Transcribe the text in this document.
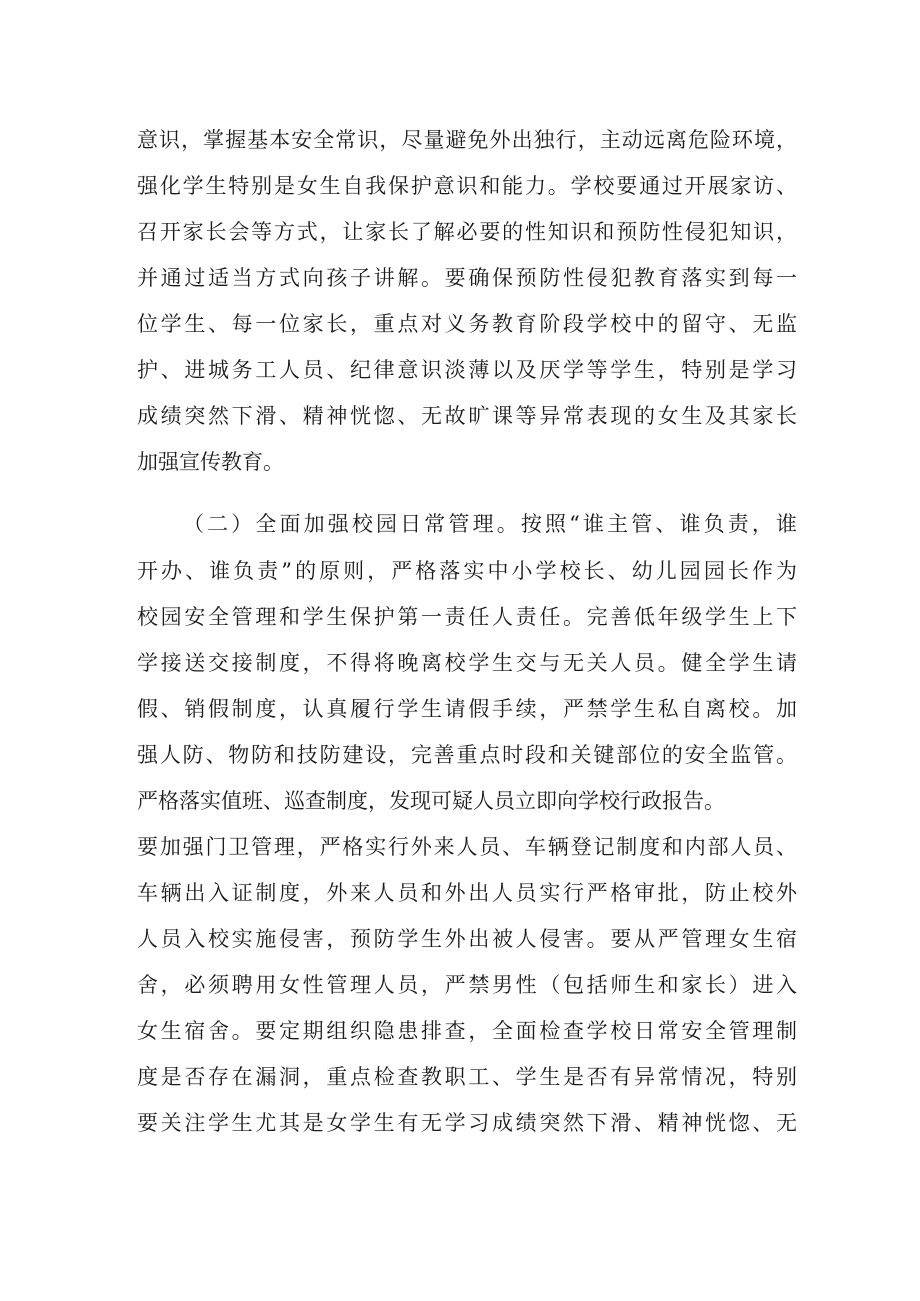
意识，掌握基本安全常识，尽量避免外出独行，主动远离危险环境，
强化学生特别是女生自我保护意识和能力。学校要通过开展家访、
召开家长会等方式，让家长了解必要的性知识和预防性侵犯知识，
并通过适当方式向孩子讲解。要确保预防性侵犯教育落实到每一
位学生、每一位家长，重点对义务教育阶段学校中的留守、无监
护、进城务工人员、纪律意识淡薄以及厌学等学生，特别是学习
成绩突然下滑、精神恍惚、无故旷课等异常表现的女生及其家长
加强宣传教育。
（二）全面加强校园日常管理。按照“谁主管、谁负责，谁
开办、谁负责”的原则，严格落实中小学校长、幼儿园园长作为
校园安全管理和学生保护第一责任人责任。完善低年级学生上下
学接送交接制度，不得将晚离校学生交与无关人员。健全学生请
假、销假制度，认真履行学生请假手续，严禁学生私自离校。加
强人防、物防和技防建设，完善重点时段和关键部位的安全监管。
严格落实值班、巡查制度，发现可疑人员立即向学校行政报告。
要加强门卫管理，严格实行外来人员、车辆登记制度和内部人员、
车辆出入证制度，外来人员和外出人员实行严格审批，防止校外
人员入校实施侵害，预防学生外出被人侵害。要从严管理女生宿
舍，必须聘用女性管理人员，严禁男性（包括师生和家长）进入
女生宿舍。要定期组织隐患排查，全面检查学校日常安全管理制
度是否存在漏洞，重点检查教职工、学生是否有异常情况，特别
要关注学生尤其是女学生有无学习成绩突然下滑、精神恍惚、无
